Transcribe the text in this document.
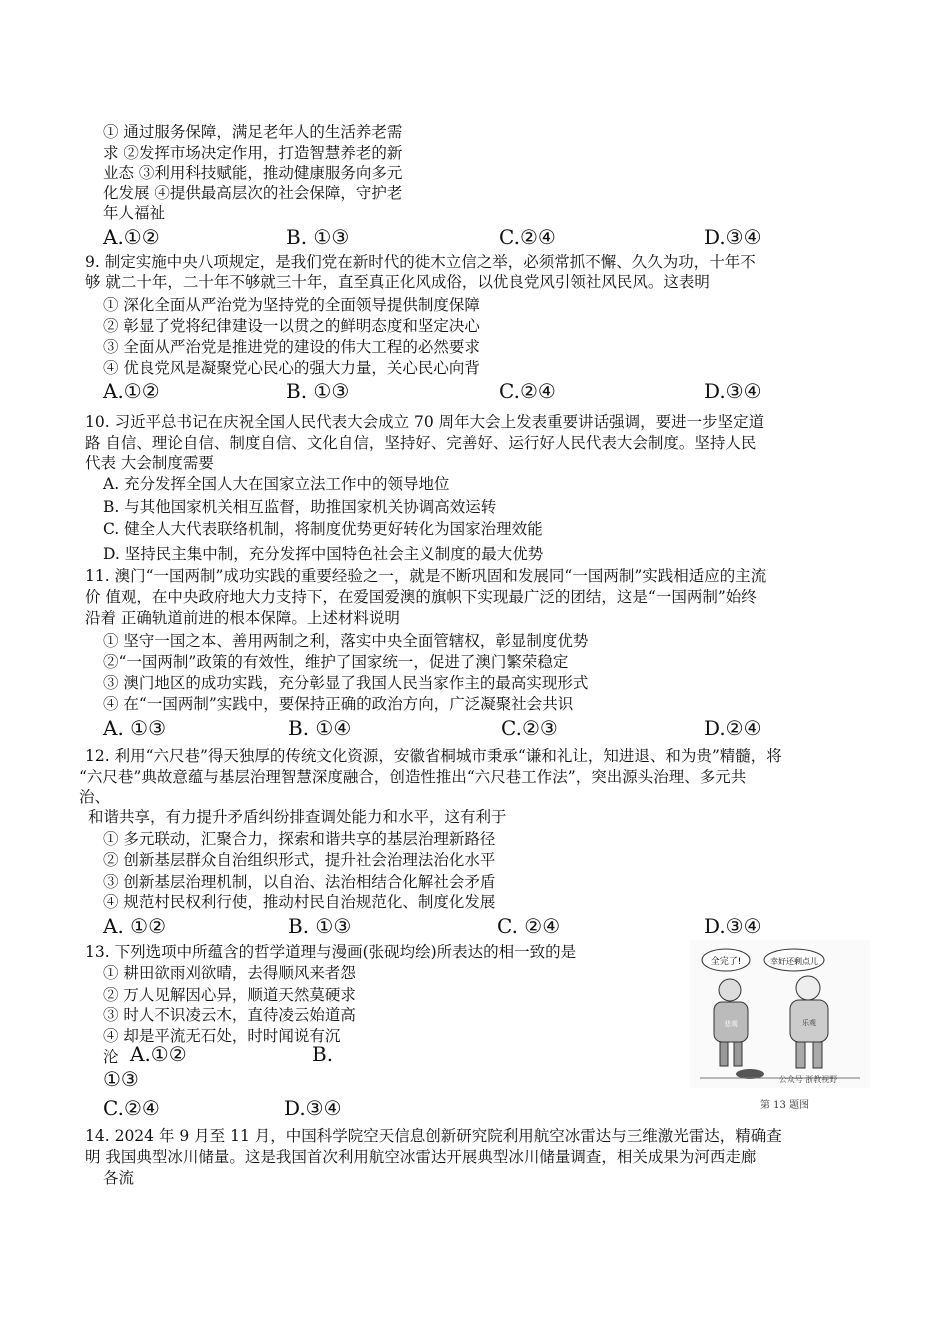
① 通过服务保障，满足老年人的生活养老需
求 ②发挥市场决定作用，打造智慧养老的新
业态 ③利用科技赋能，推动健康服务向多元
化发展 ④提供最高层次的社会保障，守护老
年人福祉
A.①②	B. ①③	C.②④	D.③④
9. 制定实施中央八项规定，是我们党在新时代的徙木立信之举，必须常抓不懈、久久为功，十年不
够 就二十年，二十年不够就三十年，直至真正化风成俗，以优良党风引领社风民风。这表明
① 深化全面从严治党为坚持党的全面领导提供制度保障
② 彰显了党将纪律建设一以贯之的鲜明态度和坚定决心
③ 全面从严治党是推进党的建设的伟大工程的必然要求
④ 优良党风是凝聚党心民心的强大力量，关心民心向背
A.①②	B. ①③	C.②④	D.③④
10. 习近平总书记在庆祝全国人民代表大会成立 70 周年大会上发表重要讲话强调，要进一步坚定道
路 自信、理论自信、制度自信、文化自信，坚持好、完善好、运行好人民代表大会制度。坚持人民
代表 大会制度需要
A. 充分发挥全国人大在国家立法工作中的领导地位
B. 与其他国家机关相互监督，助推国家机关协调高效运转
C. 健全人大代表联络机制，将制度优势更好转化为国家治理效能
D. 坚持民主集中制，充分发挥中国特色社会主义制度的最大优势
11. 澳门“一国两制”成功实践的重要经验之一，就是不断巩固和发展同“一国两制”实践相适应的主流
价 值观，在中央政府地大力支持下，在爱国爱澳的旗帜下实现最广泛的团结，这是“一国两制”始终
沿着 正确轨道前进的根本保障。上述材料说明
① 坚守一国之本、善用两制之利，落实中央全面管辖权，彰显制度优势
②“一国两制”政策的有效性，维护了国家统一，促进了澳门繁荣稳定
③ 澳门地区的成功实践，充分彰显了我国人民当家作主的最高实现形式
④ 在“一国两制”实践中，要保持正确的政治方向，广泛凝聚社会共识
A. ①③	B. ①④	C.②③	D.②④
12. 利用“六尺巷”得天独厚的传统文化资源，安徽省桐城市秉承“谦和礼让，知进退、和为贵”精髓，将
“六尺巷”典故意蕴与基层治理智慧深度融合，创造性推出“六尺巷工作法”，突出源头治理、多元共
治、
和谐共享，有力提升矛盾纠纷排查调处能力和水平，这有利于
① 多元联动，汇聚合力，探索和谐共享的基层治理新路径
② 创新基层群众自治组织形式，提升社会治理法治化水平
③ 创新基层治理机制，以自治、法治相结合化解社会矛盾
④ 规范村民权利行使，推动村民自治规范化、制度化发展
A. ①②	B. ①③	C. ②④	D.③④
13. 下列选项中所蕴含的哲学道理与漫画(张砚均绘)所表达的相一致的是
① 耕田欲雨刈欲晴，去得顺风来者怨
② 万人见解因心异，顺道天然莫硬求
③ 时人不识凌云木，直待凌云始道高
④ 却是平流无石处，时时闻说有沉
沦 A.①②	B.
①③
C.②④	D.③④
全完了!	幸好还剩点儿
悲观	乐观
公众号 浙教视野
第 13 题图
14. 2024 年 9 月至 11 月，中国科学院空天信息创新研究院利用航空冰雷达与三维激光雷达，精确查
明 我国典型冰川储量。这是我国首次利用航空冰雷达开展典型冰川储量调查，相关成果为河西走廊
各流
